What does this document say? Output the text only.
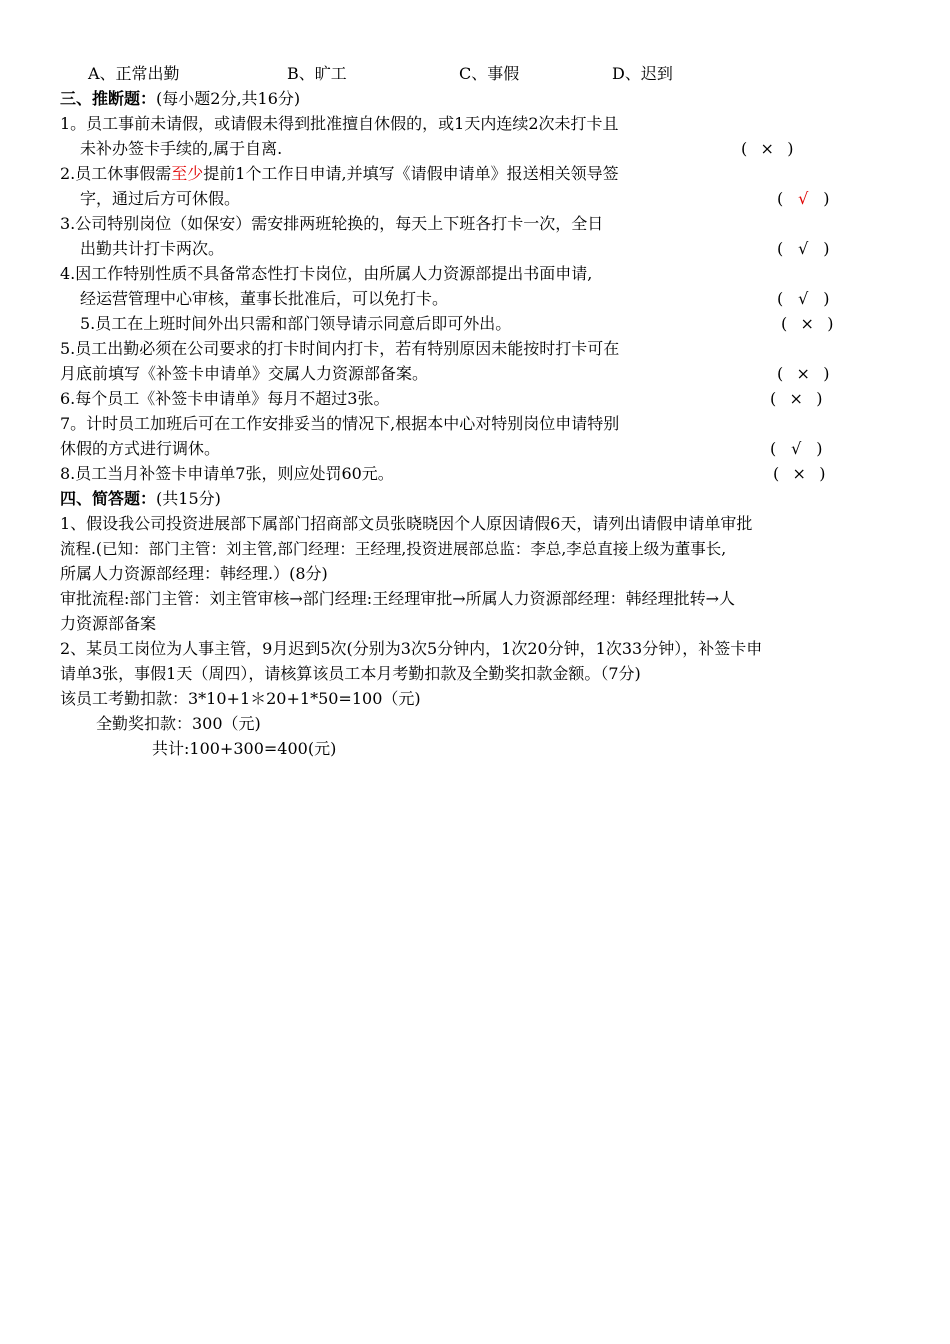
A、正常出勤	B、旷工	C、事假	D、迟到
三、推断题：(每小题2分,共16分)
1。员工事前未请假，或请假未得到批准擅自休假的，或1天内连续2次未打卡且
未补办签卡手续的,属于自离.	( × )
2.员工休事假需至少提前1个工作日申请,并填写《请假申请单》报送相关领导签
字，通过后方可休假。	( √ )
3.公司特别岗位（如保安）需安排两班轮换的，每天上下班各打卡一次，全日
出勤共计打卡两次。	( √ )
4.因工作特别性质不具备常态性打卡岗位，由所属人力资源部提出书面申请,
经运营管理中心审核，董事长批准后，可以免打卡。	( √ )
5.员工在上班时间外出只需和部门领导请示同意后即可外出。	( × )
5.员工出勤必须在公司要求的打卡时间内打卡，若有特别原因未能按时打卡可在
月底前填写《补签卡申请单》交属人力资源部备案。	( × )
6.每个员工《补签卡申请单》每月不超过3张。	( × )
7。计时员工加班后可在工作安排妥当的情况下,根据本中心对特别岗位申请特别
休假的方式进行调休。	( √ )
8.员工当月补签卡申请单7张，则应处罚60元。	( × )
四、简答题：(共15分)
1、假设我公司投资进展部下属部门招商部文员张晓晓因个人原因请假6天，请列出请假申请单审批
流程.(已知：部门主管：刘主管,部门经理：王经理,投资进展部总监：李总,李总直接上级为董事长,
所属人力资源部经理：韩经理.）(8分)
审批流程:部门主管：刘主管审核→部门经理:王经理审批→所属人力资源部经理：韩经理批转→人
力资源部备案
2、某员工岗位为人事主管，9月迟到5次(分别为3次5分钟内，1次20分钟，1次33分钟），补签卡申
请单3张，事假1天（周四），请核算该员工本月考勤扣款及全勤奖扣款金额。（7分)
该员工考勤扣款：3*10+1＊20+1*50=100（元)
全勤奖扣款：300（元)
共计:100+300=400(元)
